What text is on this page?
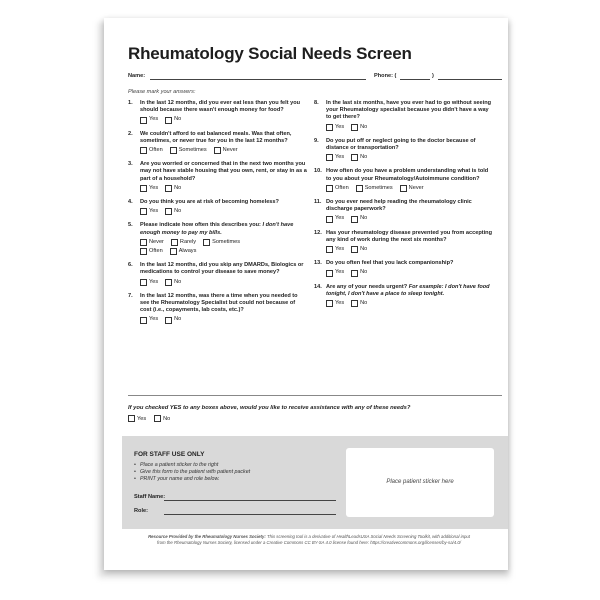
Rheumatology Social Needs Screen
Name:	Phone: (	)
Please mark your answers:
1. In the last 12 months, did you ever eat less than you felt you should because there wasn't enough money for food?
Yes	No
2. We couldn't afford to eat balanced meals. Was that often, sometimes, or never true for you in the last 12 months?
Often	Sometimes	Never
3. Are you worried or concerned that in the next two months you may not have stable housing that you own, rent, or stay in as a part of a household?
Yes	No
4. Do you think you are at risk of becoming homeless?
Yes	No
5. Please indicate how often this describes you: I don't have enough money to pay my bills.
Never	Rarely	Sometimes
Often	Always
6. In the last 12 months, did you skip any DMARDs, Biologics or medications to control your disease to save money?
Yes	No
7. In the last 12 months, was there a time when you needed to see the Rheumatology Specialist but could not because of cost (i.e., copayments, lab costs, etc.)?
Yes	No
8. In the last six months, have you ever had to go without seeing your Rheumatology specialist because you didn't have a way to get there?
Yes	No
9. Do you put off or neglect going to the doctor because of distance or transportation?
Yes	No
10. How often do you have a problem understanding what is told to you about your Rheumatology/Autoimmune condition?
Often	Sometimes	Never
11. Do you ever need help reading the rheumatology clinic discharge paperwork?
Yes	No
12. Has your rheumatology disease prevented you from accepting any kind of work during the next six months?
Yes	No
13. Do you often feel that you lack companionship?
Yes	No
14. Are any of your needs urgent? For example: I don't have food tonight, I don't have a place to sleep tonight.
Yes	No
If you checked YES to any boxes above, would you like to receive assistance with any of these needs?
Yes	No
FOR STAFF USE ONLY
• Place a patient sticker to the right
• Give this form to the patient with patient packet
• PRINT your name and role below.
Staff Name:
Role:
Place patient sticker here
Resource Provided by the Rheumatology Nurses Society: This screening tool is a derivative of HealthLeadsUSA Social Needs Screening Toolkit, with additional input from the Rheumatology Nurses Society, licensed under a Creative Commons CC BY-SA 4.0 license found here: https://creativecommons.org/licenses/by-sa/4.0/
